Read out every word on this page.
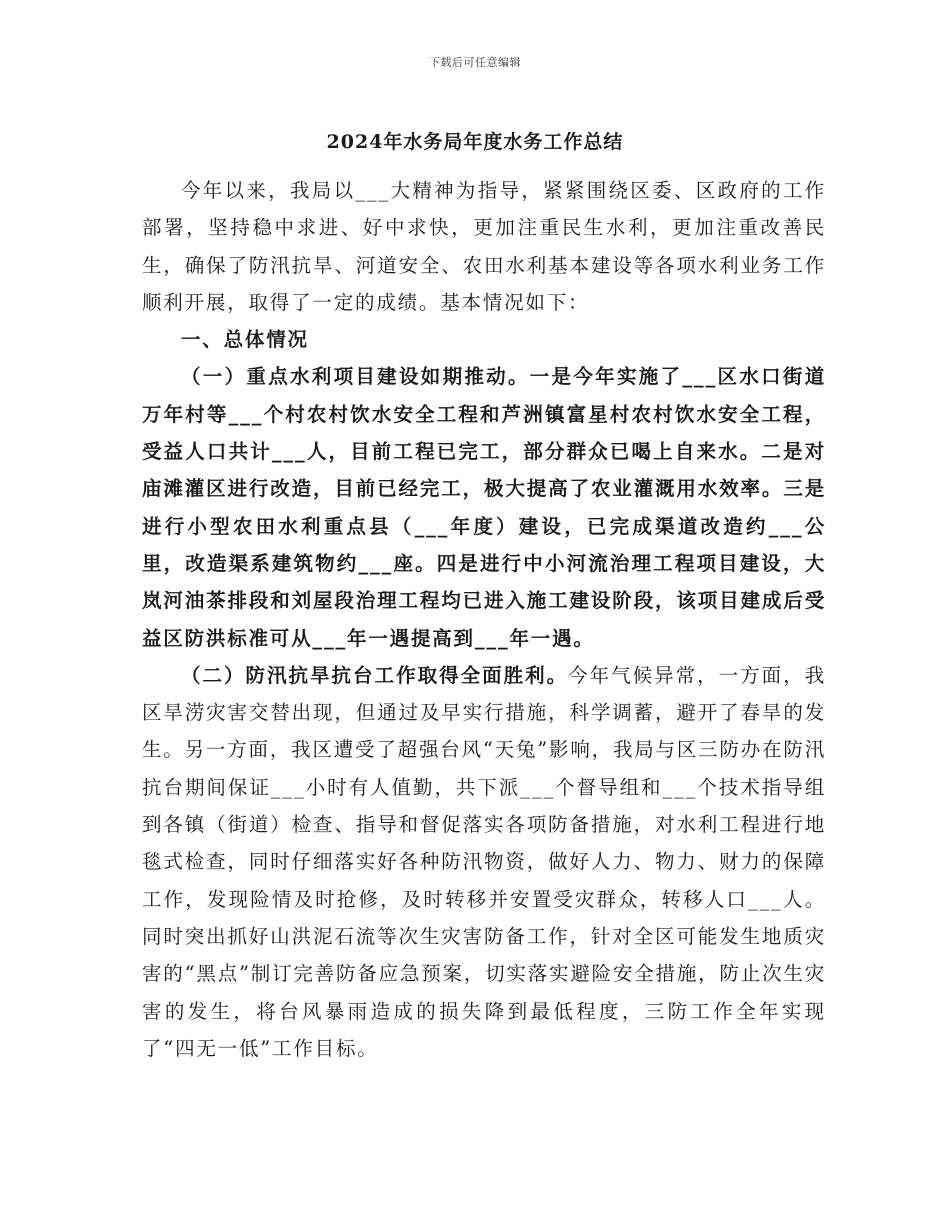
下载后可任意编辑
2024年水务局年度水务工作总结

今年以来，我局以___大精神为指导，紧紧围绕区委、区政府的工作部署，坚持稳中求进、好中求快，更加注重民生水利，更加注重改善民生，确保了防汛抗旱、河道安全、农田水利基本建设等各项水利业务工作顺利开展，取得了一定的成绩。基本情况如下：

一、总体情况

（一）重点水利项目建设如期推动。一是今年实施了___区水口街道万年村等___个村农村饮水安全工程和芦洲镇富星村农村饮水安全工程，受益人口共计___人，目前工程已完工，部分群众已喝上自来水。二是对庙滩灌区进行改造，目前已经完工，极大提高了农业灌溉用水效率。三是进行小型农田水利重点县（___年度）建设，已完成渠道改造约___公里，改造渠系建筑物约___座。四是进行中小河流治理工程项目建设，大岚河油茶排段和刘屋段治理工程均已进入施工建设阶段，该项目建成后受益区防洪标准可从___年一遇提高到___年一遇。

（二）防汛抗旱抗台工作取得全面胜利。今年气候异常，一方面，我区旱涝灾害交替出现，但通过及早实行措施，科学调蓄，避开了春旱的发生。另一方面，我区遭受了超强台风“天兔”影响，我局与区三防办在防汛抗台期间保证___小时有人值勤，共下派___个督导组和___个技术指导组到各镇（街道）检查、指导和督促落实各项防备措施，对水利工程进行地毯式检查，同时仔细落实好各种防汛物资，做好人力、物力、财力的保障工作，发现险情及时抢修，及时转移并安置受灾群众，转移人口___人。同时突出抓好山洪泥石流等次生灾害防备工作，针对全区可能发生地质灾害的“黑点”制订完善防备应急预案，切实落实避险安全措施，防止次生灾害的发生，将台风暴雨造成的损失降到最低程度，三防工作全年实现了“四无一低”工作目标。
